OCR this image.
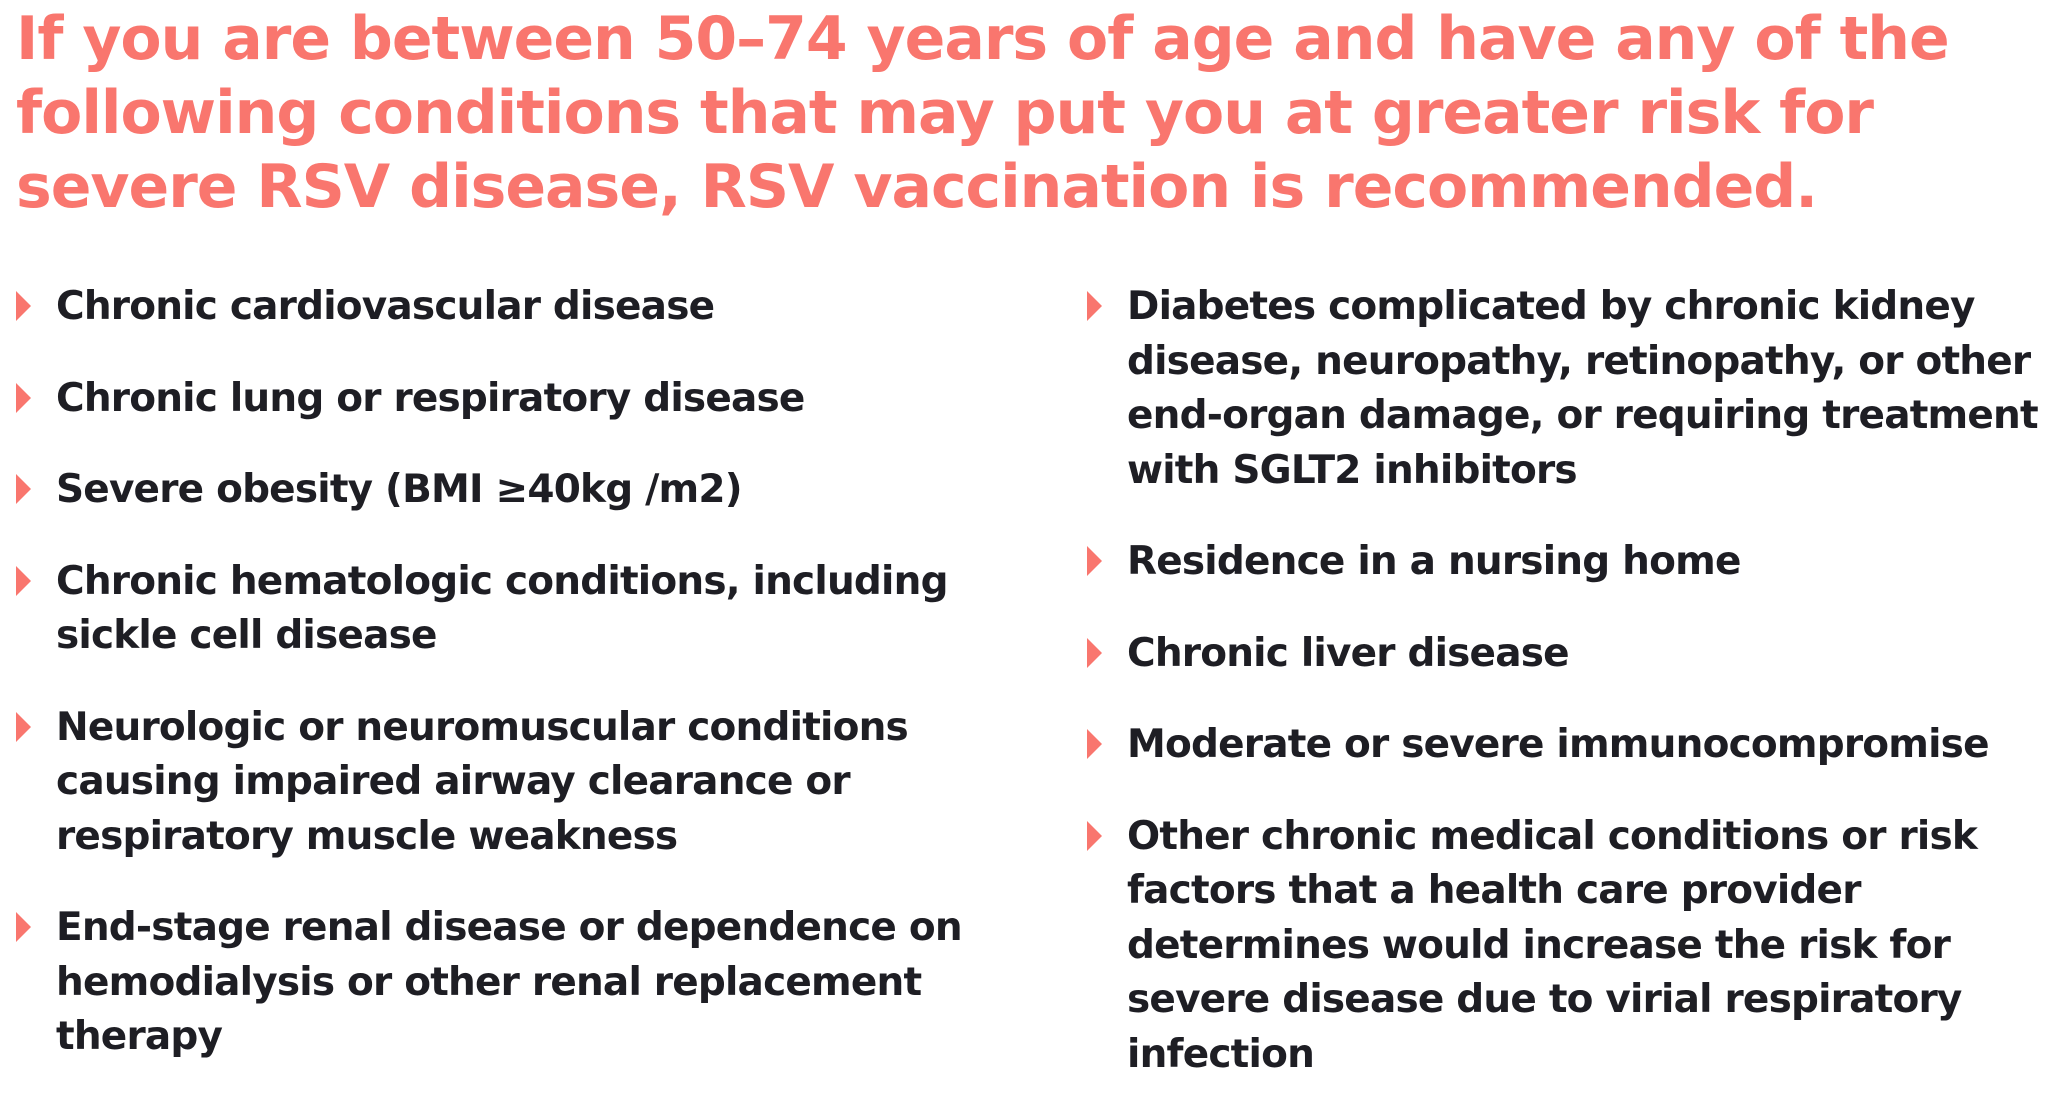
If you are between 50–74 years of age and have any of the following conditions that may put you at greater risk for severe RSV disease, RSV vaccination is recommended.
Chronic cardiovascular disease
Chronic lung or respiratory disease
Severe obesity (BMI ≥40kg /m2)
Chronic hematologic conditions, including sickle cell disease
Neurologic or neuromuscular conditions causing impaired airway clearance or respiratory muscle weakness
End-stage renal disease or dependence on hemodialysis or other renal replacement therapy
Diabetes complicated by chronic kidney disease, neuropathy, retinopathy, or other end-organ damage, or requiring treatment with SGLT2 inhibitors
Residence in a nursing home
Chronic liver disease
Moderate or severe immunocompromise
Other chronic medical conditions or risk factors that a health care provider determines would increase the risk for severe disease due to virial respiratory infection
